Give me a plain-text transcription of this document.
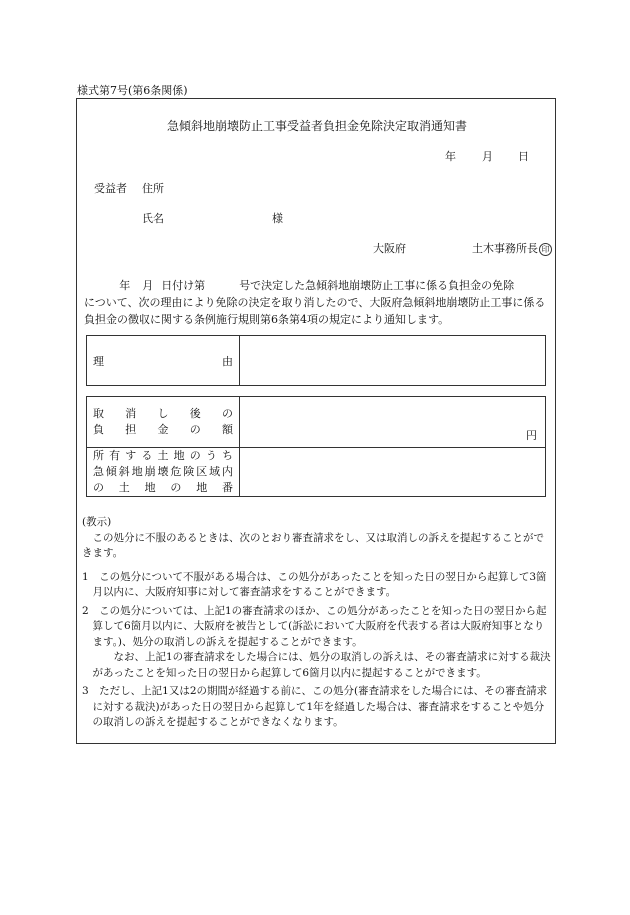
様式第7号(第6条関係)
急傾斜地崩壊防止工事受益者負担金免除決定取消通知書
年 月 日
受益者 住所
氏名	様
大阪府	土木事務所長 印
年 月 日付け第	号で決定した急傾斜地崩壊防止工事に係る負担金の免除
について、次の理由により免除の決定を取り消したので、大阪府急傾斜地崩壊防止工事に係る負担金の徴収に関する条例施行規則第6条第4項の規定により通知します。
理	由

取消し後の
負担金の額	円

所有する土地のうち
急傾斜地崩壊危険区域内
の土地の地番	

(教示)

この処分に不服のあるときは、次のとおり審査請求をし、又は取消しの訴えを提起することができます。

1　この処分について不服がある場合は、この処分があったことを知った日の翌日から起算して3箇月以内に、大阪府知事に対して審査請求をすることができます。

2　この処分については、上記1の審査請求のほか、この処分があったことを知った日の翌日から起算して6箇月以内に、大阪府を被告として(訴訟において大阪府を代表する者は大阪府知事となります。)、処分の取消しの訴えを提起することができます。

なお、上記1の審査請求をした場合には、処分の取消しの訴えは、その審査請求に対する裁決があったことを知った日の翌日から起算して6箇月以内に提起することができます。

3　ただし、上記1又は2の期間が経過する前に、この処分(審査請求をした場合には、その審査請求に対する裁決)があった日の翌日から起算して1年を経過した場合は、審査請求をすることや処分の取消しの訴えを提起することができなくなります。
